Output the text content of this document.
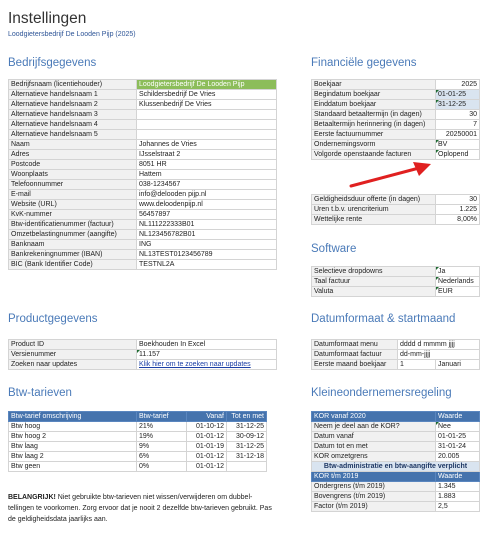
Instellingen
Loodgietersbedrijf De Looden Pijp (2025)
Bedrijfsgegevens	Financiële gegevens
Software
Productgegevens	Datumformaat & startmaand
Btw-tarieven	Kleineondernemersregeling
Bedrijfsnaam (licentiehouder)	Loodgietersbedrijf De Looden Pijp
Alternatieve handelsnaam 1	Schildersbedrijf De Vries
Alternatieve handelsnaam 2	Klussenbedrijf De Vries
Alternatieve handelsnaam 3	
Alternatieve handelsnaam 4	
Alternatieve handelsnaam 5	
Naam	Johannes de Vries
Adres	IJsselstraat 2
Postcode	8051 HR
Woonplaats	Hattem
Telefoonnummer	038-1234567
E-mail	info@delooden pijp.nl
Website (URL)	www.deloodenpijp.nl
KvK-nummer	56457897
Btw-identificatienummer (factuur)	NL111222333B01
Omzetbelastingnummer (aangifte)	NL123456782B01
Banknaam	ING
Bankrekeningnummer (IBAN)	NL13TEST0123456789
BIC (Bank Identifier Code)	TESTNL2A
Boekjaar	2025
Begindatum boekjaar	01-01-25
Einddatum boekjaar	31-12-25
Standaard betaaltermijn (in dagen)	30
Betaaltermijn herinnering (in dagen)	7
Eerste factuurnummer	20250001
Ondernemingsvorm	BV
Volgorde openstaande facturen	Oplopend
Geldigheidsduur offerte (in dagen)	30
Uren t.b.v. urencriterium	1.225
Wettelijke rente	8,00%
Selectieve dropdowns	Ja
Taal factuur	Nederlands
Valuta	EUR
Product ID	Boekhouden In Excel
Versienummer	11.157
Zoeken naar updates	Klik hier om te zoeken naar updates
Datumformaat menu	dddd d mmmm jjjj	
Datumformaat factuur	dd-mm-jjjj	
Eerste maand boekjaar	1	Januari
Btw-tarief omschrijving	Btw-tarief	Vanaf	Tot en met
Btw hoog	21%	01-10-12	31-12-25
Btw hoog 2	19%	01-01-12	30-09-12
Btw laag	9%	01-01-19	31-12-25
Btw laag 2	6%	01-01-12	31-12-18
Btw geen	0%	01-01-12	
BELANGRIJK! Niet gebruikte btw-tarieven niet wissen/verwijderen om dubbel-tellingen te voorkomen. Zorg ervoor dat je nooit 2 dezelfde btw-tarieven gebruikt. Pas de geldigheidsdata jaarlijks aan.
KOR vanaf 2020	Waarde
Neem je deel aan de KOR?	Nee
Datum vanaf	01-01-25
Datum tot en met	31-01-24
KOR omzetgrens	20.005
Btw-administratie en btw-aangifte verplicht	
KOR t/m 2019	Waarde
Ondergrens (t/m 2019)	1.345
Bovengrens (t/m 2019)	1.883
Factor (t/m 2019)	2,5
